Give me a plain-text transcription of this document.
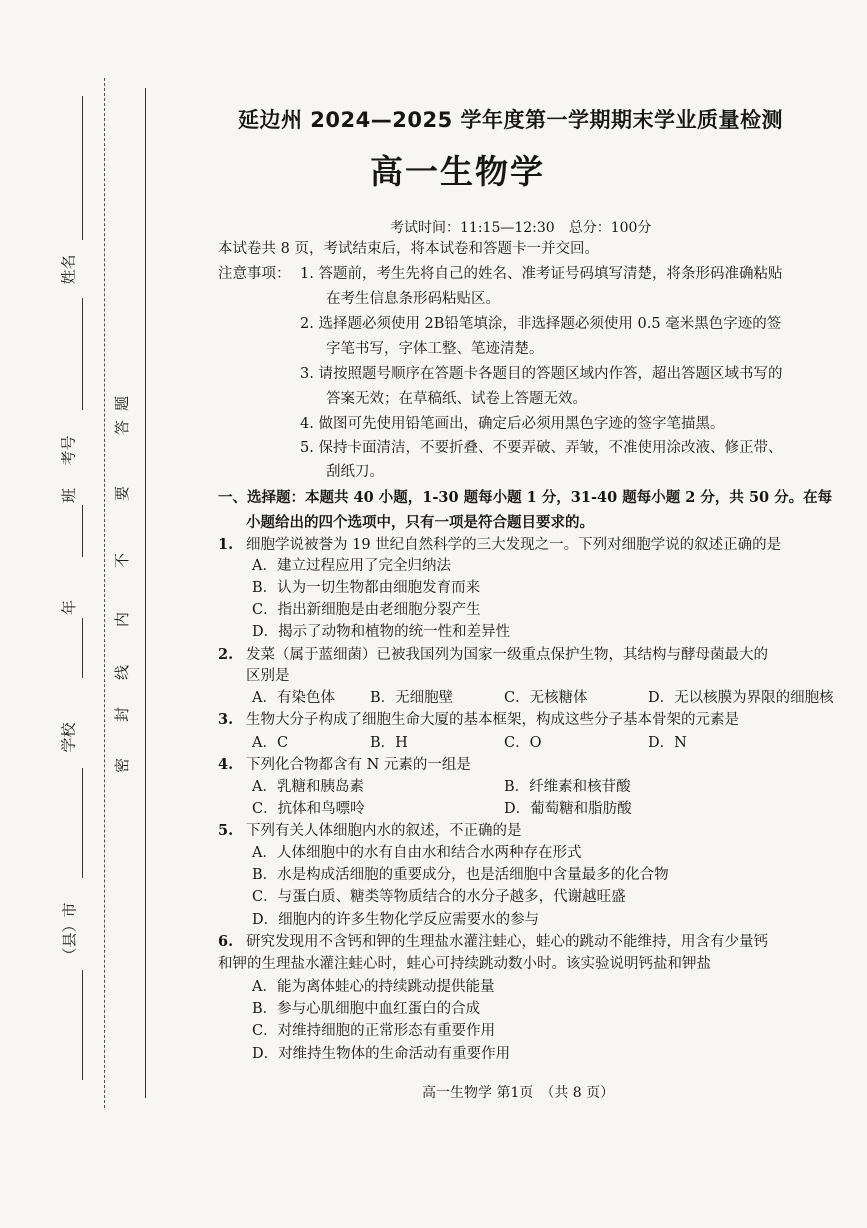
姓名
考号
班
年
学校
（县）市
题
答
要
不
内
线
封
密
延边州 2024—2025 学年度第一学期期末学业质量检测
高一生物学
考试时间：11:15—12:30　总分：100分
本试卷共 8 页，考试结束后，将本试卷和答题卡一并交回。
注意事项： 1. 答题前，考生先将自己的姓名、准考证号码填写清楚，将条形码准确粘贴
在考生信息条形码粘贴区。
2. 选择题必须使用 2B铅笔填涂，非选择题必须使用 0.5 毫米黑色字迹的签
字笔书写，字体工整、笔迹清楚。
3. 请按照题号顺序在答题卡各题目的答题区域内作答，超出答题区域书写的
答案无效；在草稿纸、试卷上答题无效。
4. 做图可先使用铅笔画出，确定后必须用黑色字迹的签字笔描黑。
5. 保持卡面清洁，不要折叠、不要弄破、弄皱，不准使用涂改液、修正带、
刮纸刀。
一、选择题：本题共 40 小题，1-30 题每小题 1 分，31-40 题每小题 2 分，共 50 分。在每
小题给出的四个选项中，只有一项是符合题目要求的。
1. 细胞学说被誉为 19 世纪自然科学的三大发现之一。下列对细胞学说的叙述正确的是
A．建立过程应用了完全归纳法
B．认为一切生物都由细胞发育而来
C．指出新细胞是由老细胞分裂产生
D．揭示了动物和植物的统一性和差异性
2. 发菜（属于蓝细菌）已被我国列为国家一级重点保护生物，其结构与酵母菌最大的
区别是
A．有染色体 B．无细胞壁	C．无核糖体	D．无以核膜为界限的细胞核
3. 生物大分子构成了细胞生命大厦的基本框架，构成这些分子基本骨架的元素是
A．C	B．H	C．O	D．N
4. 下列化合物都含有 N 元素的一组是
A．乳糖和胰岛素	B．纤维素和核苷酸
C．抗体和鸟嘌呤	D．葡萄糖和脂肪酸
5. 下列有关人体细胞内水的叙述，不正确的是
A．人体细胞中的水有自由水和结合水两种存在形式
B．水是构成活细胞的重要成分，也是活细胞中含量最多的化合物
C．与蛋白质、糖类等物质结合的水分子越多，代谢越旺盛
D．细胞内的许多生物化学反应需要水的参与
6. 研究发现用不含钙和钾的生理盐水灌注蛙心，蛙心的跳动不能维持，用含有少量钙
和钾的生理盐水灌注蛙心时，蛙心可持续跳动数小时。该实验说明钙盐和钾盐
A．能为离体蛙心的持续跳动提供能量
B．参与心肌细胞中血红蛋白的合成
C．对维持细胞的正常形态有重要作用
D．对维持生物体的生命活动有重要作用
高一生物学 第1页　（共 8 页）
